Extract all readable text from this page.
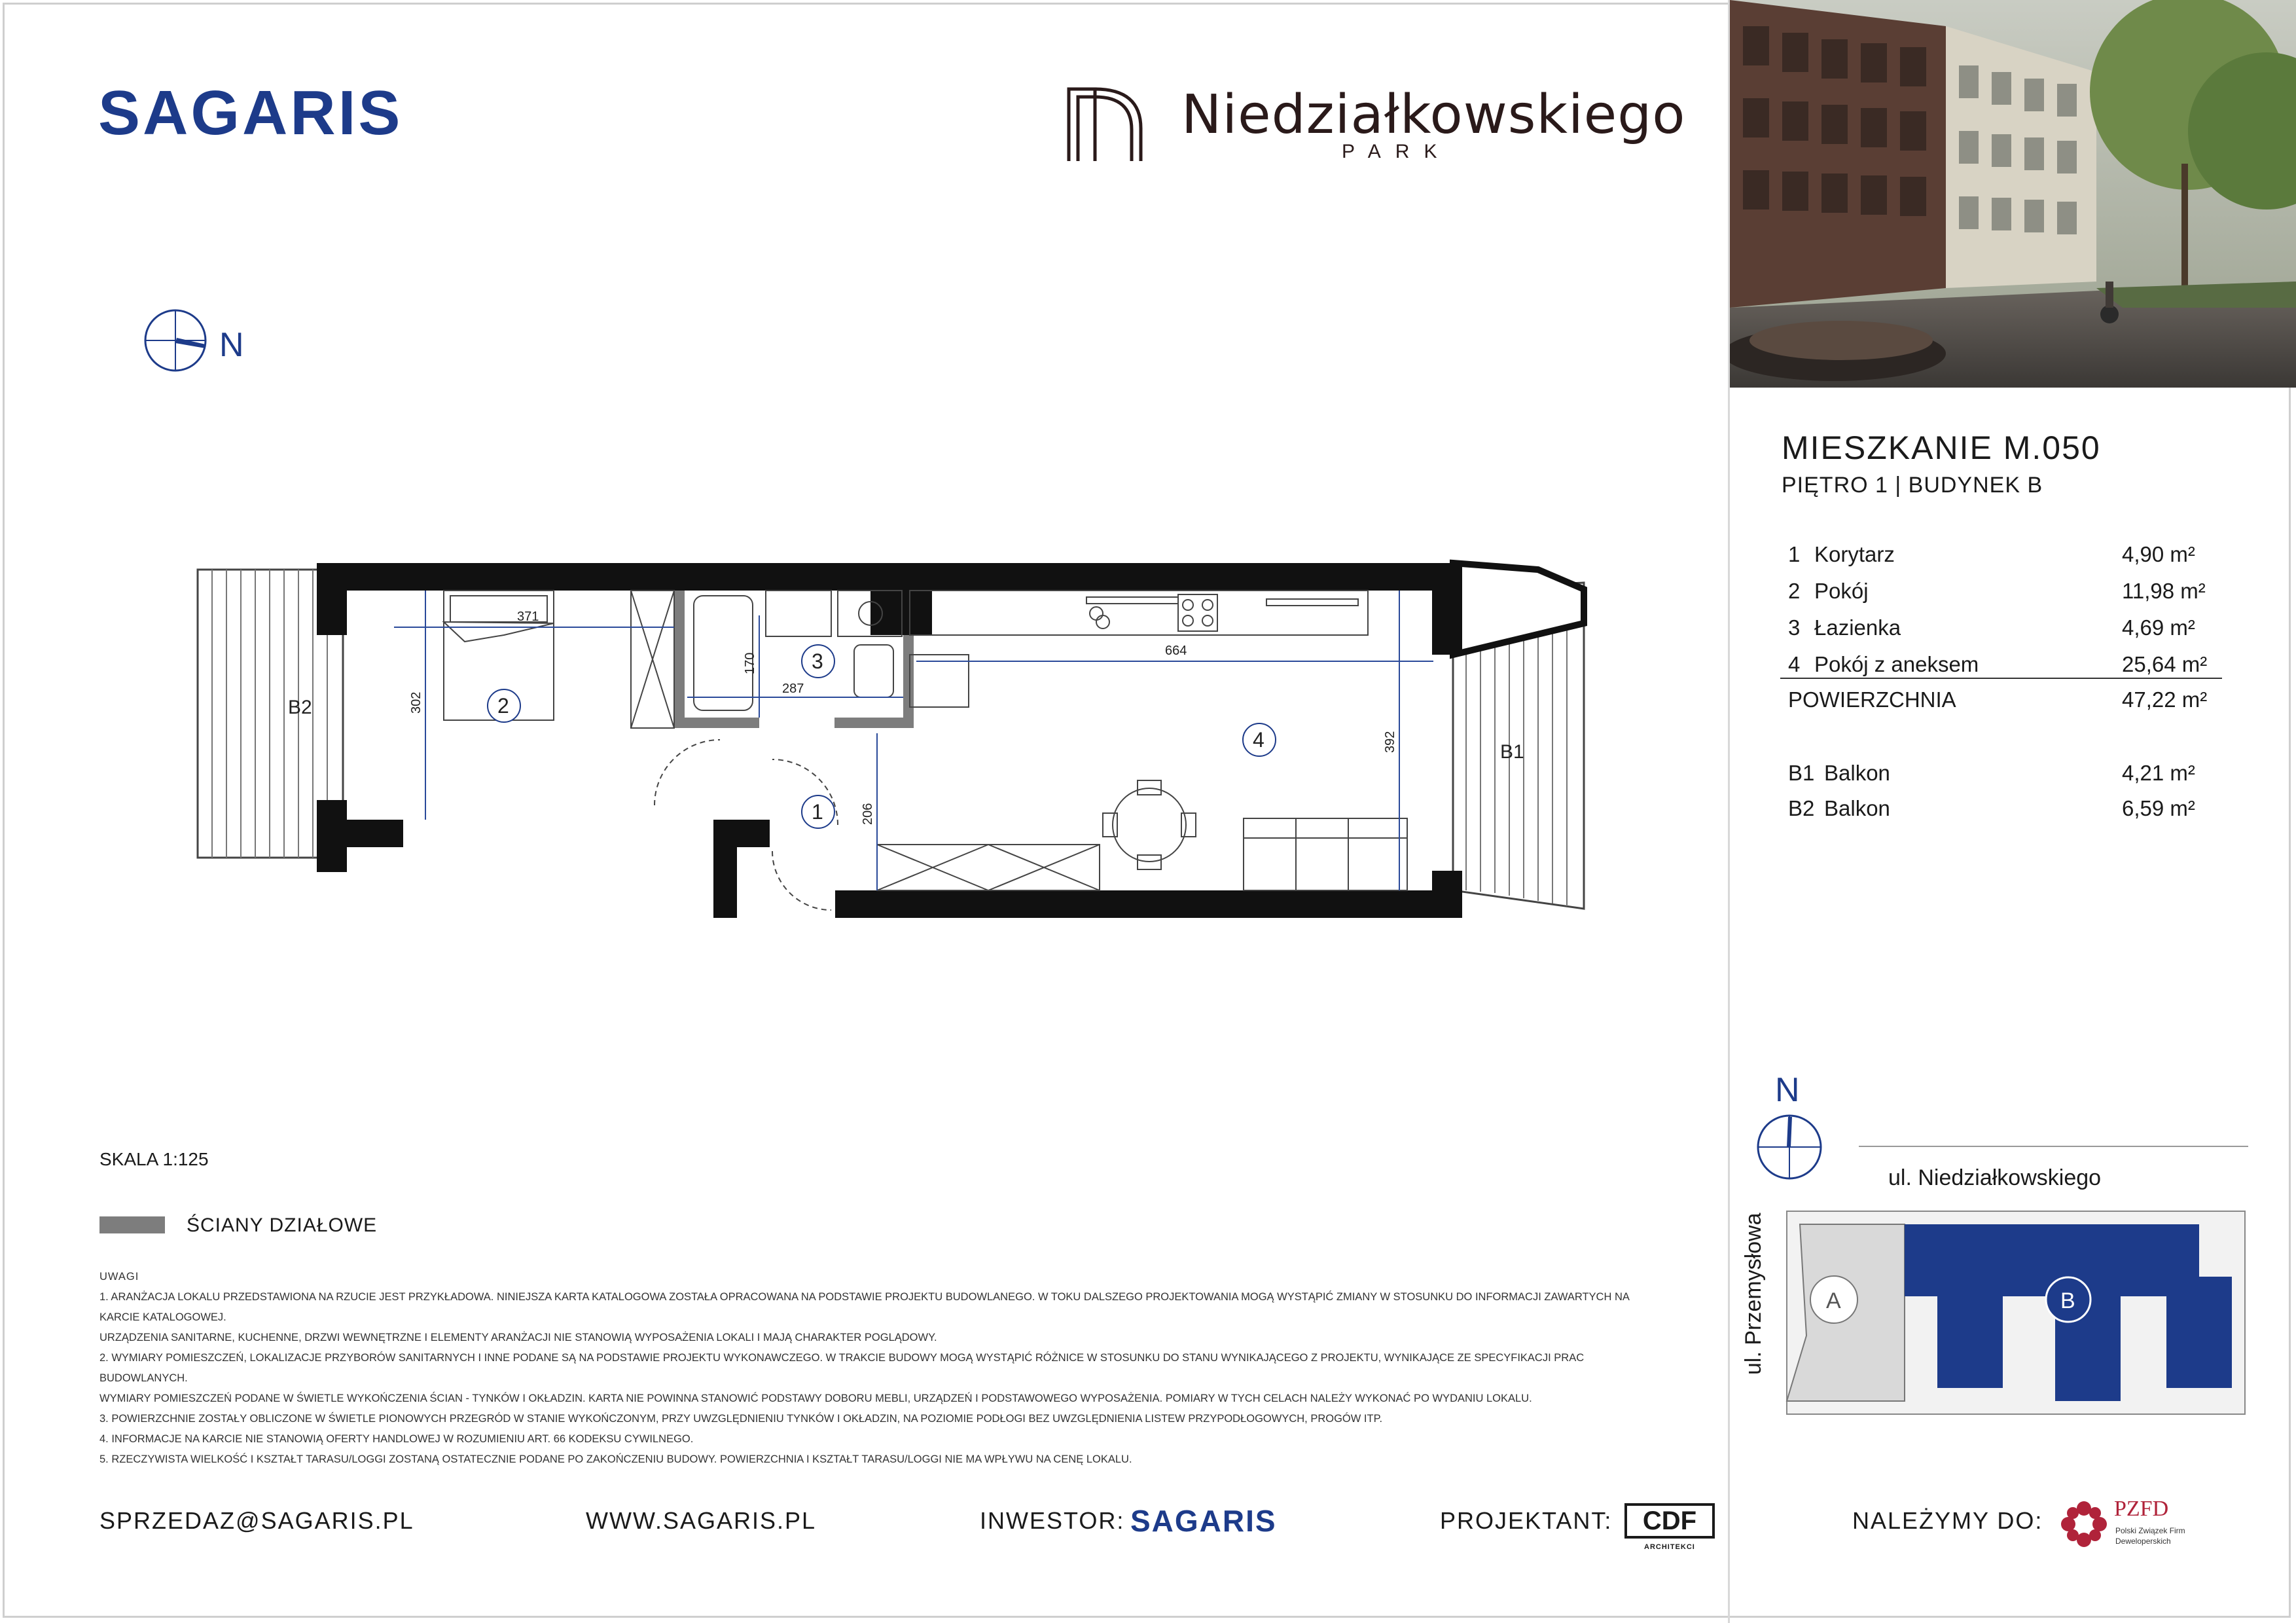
SAGARIS	Niedziałkowskiego
PARK
N
MIESZKANIE M.050
PIĘTRO 1 | BUDYNEK B
1 Korytarz	4,90 m²
2 Pokój	11,98 m²
3 Łazienka	4,69 m²
4 Pokój z aneksem	25,64 m²
POWIERZCHNIA	47,22 m²
B1 Balkon	4,21 m²
B2 Balkon	6,59 m²
B2
B1
371
302
170
287
664
392
206
2
3
1
4
SKALA 1:125
ŚCIANY DZIAŁOWE
UWAGI
1. ARANŻACJA LOKALU PRZEDSTAWIONA NA RZUCIE JEST PRZYKŁADOWA. NINIEJSZA KARTA KATALOGOWA ZOSTAŁA OPRACOWANA NA PODSTAWIE PROJEKTU BUDOWLANEGO. W TOKU DALSZEGO PROJEKTOWANIA MOGĄ WYSTĄPIĆ ZMIANY W STOSUNKU DO INFORMACJI ZAWARTYCH NA KARCIE KATALOGOWEJ.
URZĄDZENIA SANITARNE, KUCHENNE, DRZWI WEWNĘTRZNE I ELEMENTY ARANŻACJI NIE STANOWIĄ WYPOSAŻENIA LOKALI I MAJĄ CHARAKTER POGLĄDOWY.
2. WYMIARY POMIESZCZEŃ, LOKALIZACJE PRZYBORÓW SANITARNYCH I INNE PODANE SĄ NA PODSTAWIE PROJEKTU WYKONAWCZEGO. W TRAKCIE BUDOWY MOGĄ WYSTĄPIĆ RÓŻNICE W STOSUNKU DO STANU WYNIKAJĄCEGO Z PROJEKTU, WYNIKAJĄCE ZE SPECYFIKACJI PRAC BUDOWLANYCH.
WYMIARY POMIESZCZEŃ PODANE W ŚWIETLE WYKOŃCZENIA ŚCIAN - TYNKÓW I OKŁADZIN. KARTA NIE POWINNA STANOWIĆ PODSTAWY DOBORU MEBLI, URZĄDZEŃ I PODSTAWOWEGO WYPOSAŻENIA. POMIARY W TYCH CELACH NALEŻY WYKONAĆ PO WYDANIU LOKALU.
3. POWIERZCHNIE ZOSTAŁY OBLICZONE W ŚWIETLE PIONOWYCH PRZEGRÓD W STANIE WYKOŃCZONYM, PRZY UWZGLĘDNIENIU TYNKÓW I OKŁADZIN, NA POZIOMIE PODŁOGI BEZ UWZGLĘDNIENIA LISTEW PRZYPODŁOGOWYCH, PROGÓW ITP.
4. INFORMACJE NA KARCIE NIE STANOWIĄ OFERTY HANDLOWEJ W ROZUMIENIU ART. 66 KODEKSU CYWILNEGO.
5. RZECZYWISTA WIELKOŚĆ I KSZTAŁT TARASU/LOGGI ZOSTANĄ OSTATECZNIE PODANE PO ZAKOŃCZENIU BUDOWY. POWIERZCHNIA I KSZTAŁT TARASU/LOGGI NIE MA WPŁYWU NA CENĘ LOKALU.
N
ul. Niedziałkowskiego
ul. Przemysłowa	A	B
SPRZEDAZ@SAGARIS.PL	WWW.SAGARIS.PL	INWESTOR: SAGARIS	PROJEKTANT:	CDF
ARCHITEKCI
NALEŻYMY DO:	PZFD
Polski Związek Firm Deweloperskich
